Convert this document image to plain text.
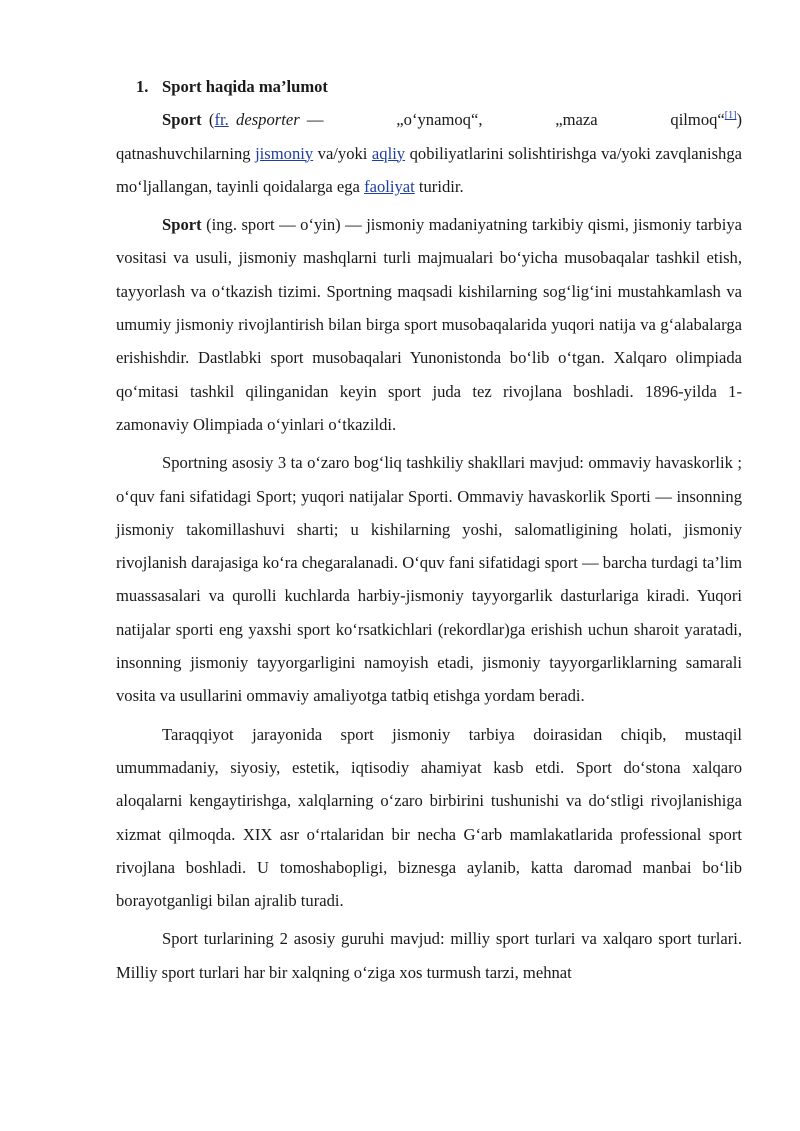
1. Sport haqida ma’lumot

Sport (fr. desporter —          „o‘ynamoq“,          „maza          qilmoq“[1]) qatnashuvchilarning jismoniy va/yoki aqliy qobiliyatlarini solishtirishga va/yoki zavqlanishga mo‘ljallangan, tayinli qoidalarga ega faoliyat turidir.

Sport (ing. sport — o‘yin) — jismoniy madaniyatning tarkibiy qismi, jismoniy tarbiya vositasi va usuli, jismoniy mashqlarni turli majmualari bo‘yicha musobaqalar tashkil etish, tayyorlash va o‘tkazish tizimi. Sportning maqsadi kishilarning sog‘lig‘ini mustahkamlash va umumiy jismoniy rivojlantirish bilan birga sport musobaqalarida yuqori natija va g‘alabalarga erishishdir. Dastlabki sport musobaqalari Yunonistonda bo‘lib o‘tgan. Xalqaro olimpiada qo‘mitasi tashkil qilinganidan keyin sport juda tez rivojlana boshladi. 1896-yilda 1-zamonaviy Olimpiada o‘yinlari o‘tkazildi.

Sportning asosiy 3 ta o‘zaro bog‘liq tashkiliy shakllari mavjud: ommaviy havaskorlik ; o‘quv fani sifatidagi Sport; yuqori natijalar Sporti. Ommaviy havaskorlik Sporti — insonning jismoniy takomillashuvi sharti; u kishilarning yoshi, salomatligining holati, jismoniy rivojlanish darajasiga ko‘ra chegaralanadi. O‘quv fani sifatidagi sport — barcha turdagi ta’lim muassasalari va qurolli kuchlarda harbiy-jismoniy tayyorgarlik dasturlariga kiradi. Yuqori natijalar sporti eng yaxshi sport ko‘rsatkichlari (rekordlar)ga erishish uchun sharoit yaratadi, insonning jismoniy tayyorgarligini namoyish etadi, jismoniy tayyorgarliklarning samarali vosita va usullarini ommaviy amaliyotga tatbiq etishga yordam beradi.

Taraqqiyot jarayonida sport jismoniy tarbiya doirasidan chiqib, mustaqil umummadaniy, siyosiy, estetik, iqtisodiy ahamiyat kasb etdi. Sport do‘stona xalqaro aloqalarni kengaytirishga, xalqlarning o‘zaro birbirini tushunishi va do‘stligi rivojlanishiga xizmat qilmoqda. XIX asr o‘rtalaridan bir necha G‘arb mamlakatlarida professional sport rivojlana boshladi. U tomoshabopligi, biznesga aylanib, katta daromad manbai bo‘lib borayotganligi bilan ajralib turadi.

Sport turlarining 2 asosiy guruhi mavjud: milliy sport turlari va xalqaro sport turlari. Milliy sport turlari har bir xalqning o‘ziga xos turmush tarzi, mehnat
